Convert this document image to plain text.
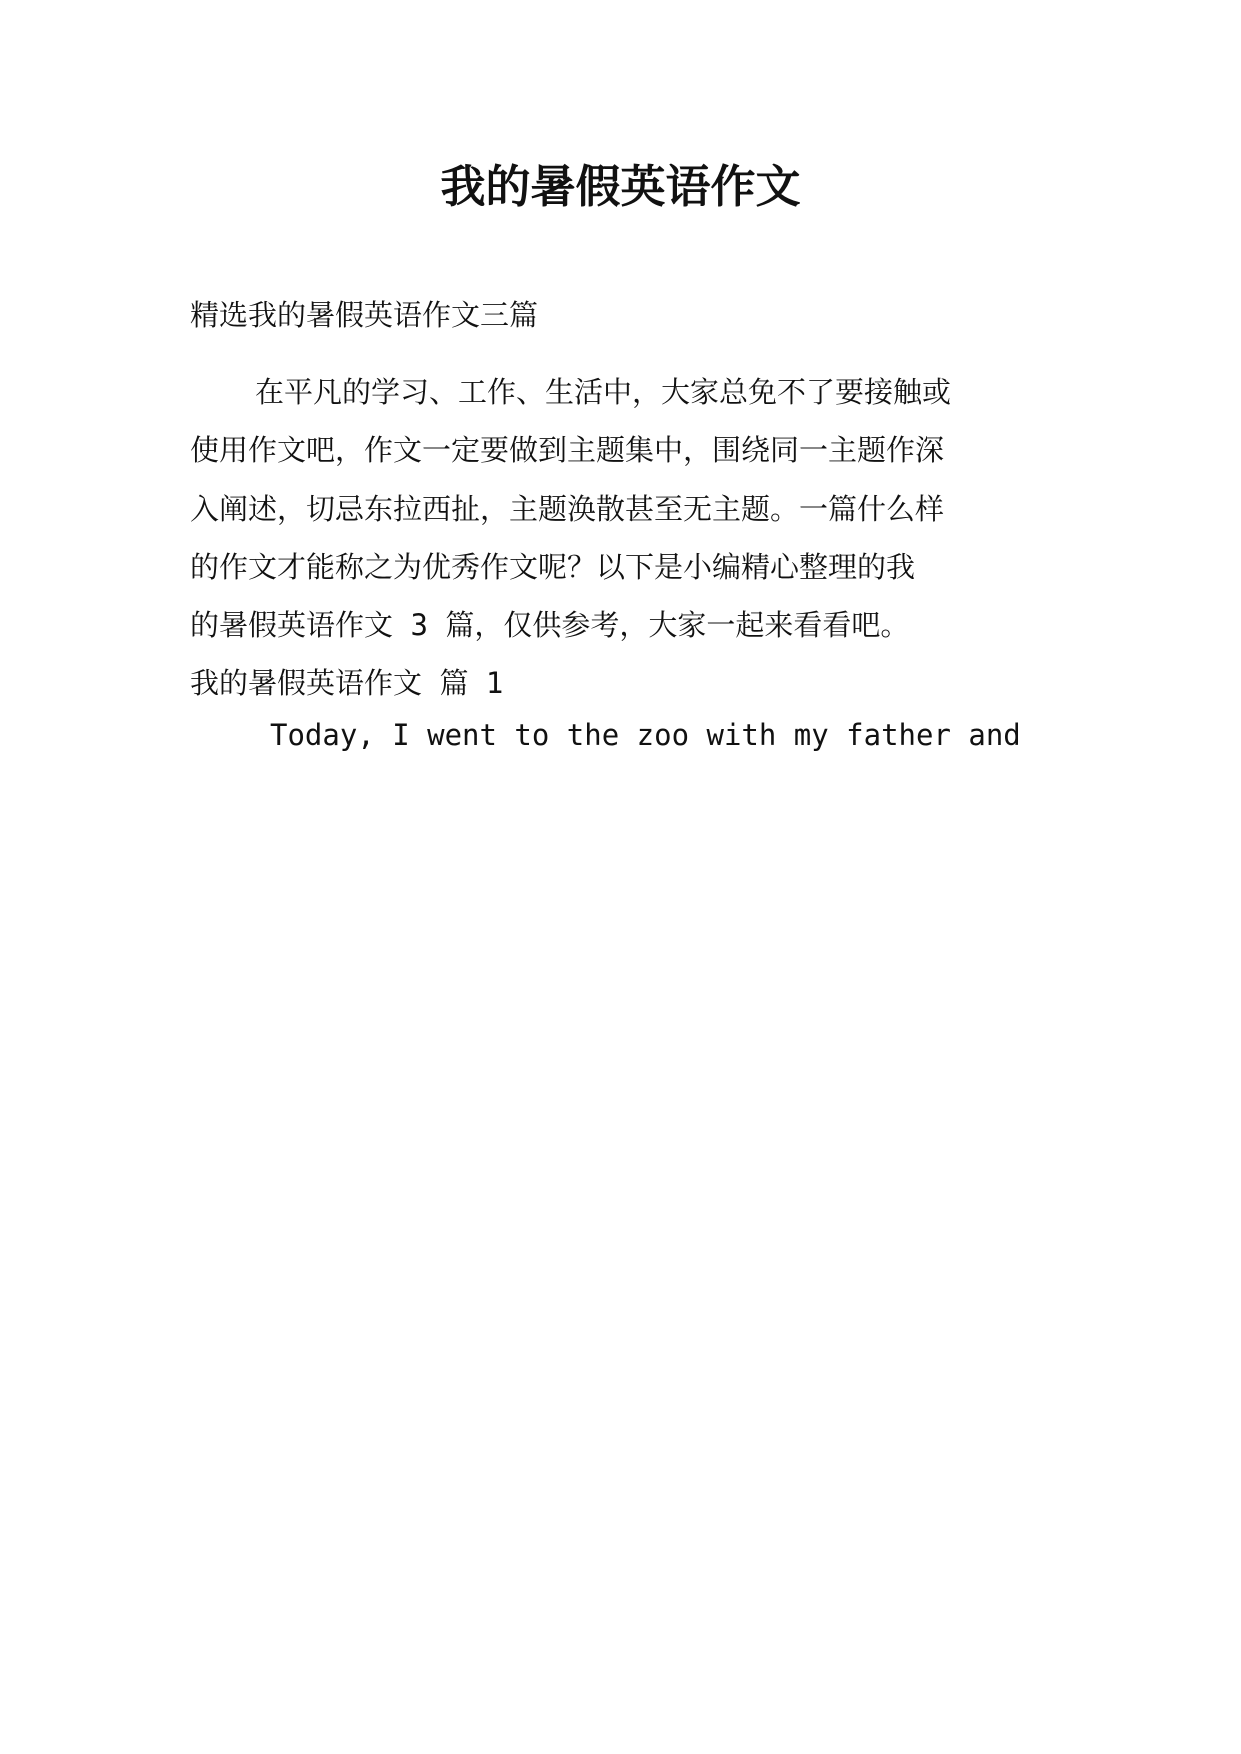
我的暑假英语作文
精选我的暑假英语作文三篇
在平凡的学习、工作、生活中，大家总免不了要接触或
使用作文吧，作文一定要做到主题集中，围绕同一主题作深
入阐述，切忌东拉西扯，主题涣散甚至无主题。一篇什么样
的作文才能称之为优秀作文呢？以下是小编精心整理的我
的暑假英语作文 3 篇，仅供参考，大家一起来看看吧。
我的暑假英语作文 篇 1
Today, I went to the zoo with my father and
